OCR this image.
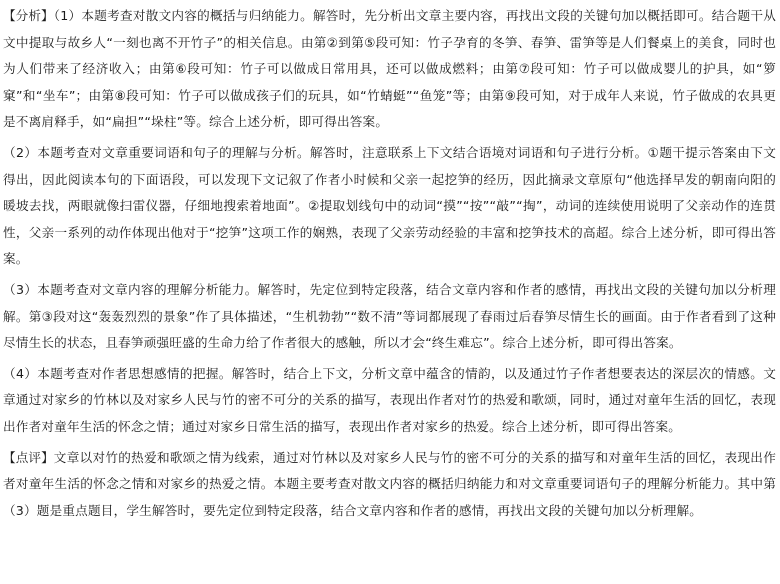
【分析】（1）本题考查对散文内容的概括与归纳能力。解答时，先分析出文章主要内容，再找出文段的关键句加以概括即可。结合题干从文中提取与故乡人“一刻也离不开竹子”的相关信息。由第②到第⑤段可知：竹子孕育的冬笋、春笋、雷笋等是人们餐桌上的美食，同时也为人们带来了经济收入；由第⑥段可知：竹子可以做成日常用具，还可以做成燃料；由第⑦段可知：竹子可以做成婴儿的护具，如“箩窠”和“坐车”；由第⑧段可知：竹子可以做成孩子们的玩具，如“竹蜻蜓”“鱼笼”等；由第⑨段可知，对于成年人来说，竹子做成的农具更是不离肩释手，如“扁担”“垛柱”等。综合上述分析，即可得出答案。

（2）本题考查对文章重要词语和句子的理解与分析。解答时，注意联系上下文结合语境对词语和句子进行分析。①题干提示答案由下文得出，因此阅读本句的下面语段，可以发现下文记叙了作者小时候和父亲一起挖笋的经历，因此摘录文章原句“他选择早发的朝南向阳的暖坡去找，两眼就像扫雷仪器，仔细地搜索着地面”。②提取划线句中的动词“摸”“按”“敲”“掏”，动词的连续使用说明了父亲动作的连贯性，父亲一系列的动作体现出他对于“挖笋”这项工作的娴熟，表现了父亲劳动经验的丰富和挖笋技术的高超。综合上述分析，即可得出答案。

（3）本题考查对文章内容的理解分析能力。解答时，先定位到特定段落，结合文章内容和作者的感情，再找出文段的关键句加以分析理解。第③段对这“轰轰烈烈的景象”作了具体描述，“生机勃勃”“数不清”等词都展现了春雨过后春笋尽情生长的画面。由于作者看到了这种尽情生长的状态，且春笋顽强旺盛的生命力给了作者很大的感触，所以才会“终生难忘”。综合上述分析，即可得出答案。

（4）本题考查对作者思想感情的把握。解答时，结合上下文，分析文章中蕴含的情韵，以及通过竹子作者想要表达的深层次的情感。文章通过对家乡的竹林以及对家乡人民与竹的密不可分的关系的描写，表现出作者对竹的热爱和歌颂，同时，通过对童年生活的回忆，表现出作者对童年生活的怀念之情；通过对家乡日常生活的描写，表现出作者对家乡的热爱。综合上述分析，即可得出答案。

【点评】文章以对竹的热爱和歌颂之情为线索，通过对竹林以及对家乡人民与竹的密不可分的关系的描写和对童年生活的回忆，表现出作者对童年生活的怀念之情和对家乡的热爱之情。本题主要考查对散文内容的概括归纳能力和对文章重要词语句子的理解分析能力。其中第（3）题是重点题目，学生解答时，要先定位到特定段落，结合文章内容和作者的感情，再找出文段的关键句加以分析理解。
